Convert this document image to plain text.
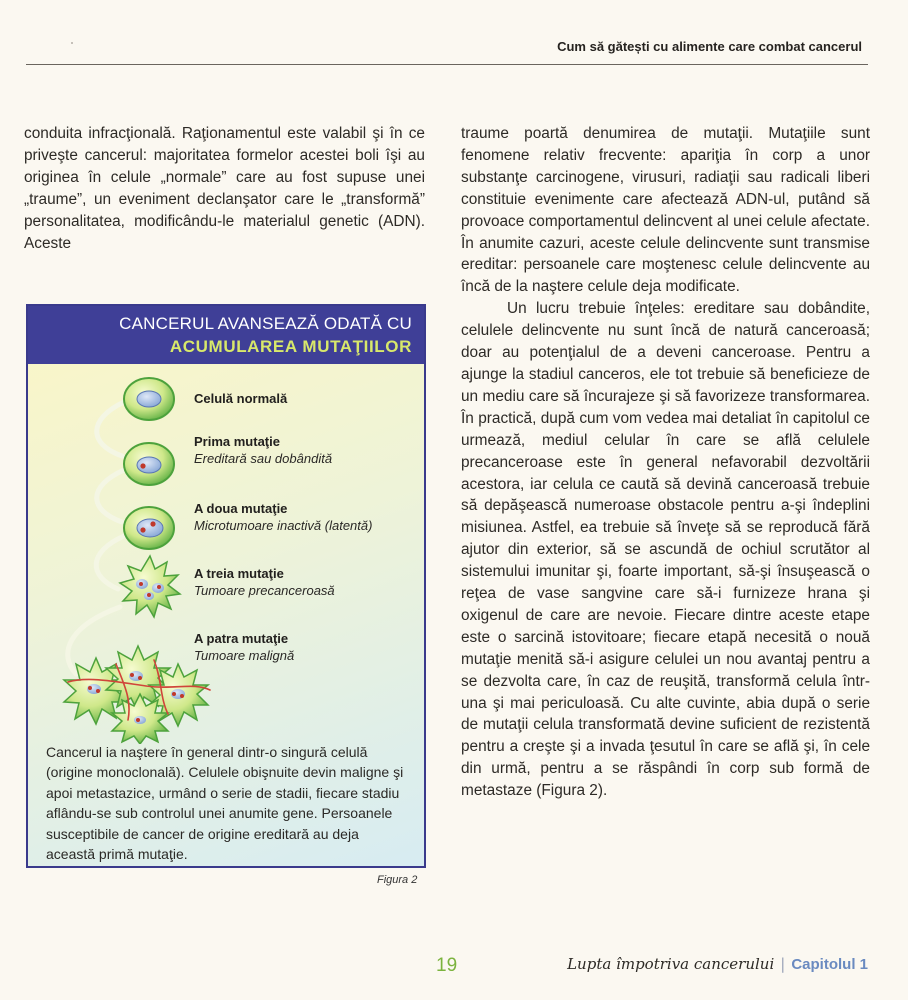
Cum să gătești cu alimente care combat cancerul

conduita infracţională. Raţionamentul este valabil şi în ce priveşte cancerul: majoritatea formelor acestei boli îşi au originea în celule „normale” care au fost supuse unei „traume”, un eveniment declanşator care le „transformă” personalitatea, modificându-le materialul genetic (ADN). Aceste

CANCERUL AVANSEAZĂ ODATĂ CU
ACUMULAREA MUTAŢIILOR
Celulă normală
Prima mutaţie
Ereditară sau dobândită
A doua mutaţie
Microtumoare inactivă (latentă)
A treia mutaţie
Tumoare precanceroasă
A patra mutaţie
Tumoare malignă
Cancerul ia naştere în general dintr-o singură celulă (origine monoclonală). Celulele obişnuite devin maligne şi apoi metastazice, urmând o serie de stadii, fiecare stadiu aflându-se sub controlul unei anumite gene. Persoanele susceptibile de cancer de origine ereditară au deja această primă mutaţie.
Figura 2

traume poartă denumirea de mutaţii. Mutaţiile sunt fenomene relativ frecvente: apariţia în corp a unor substanţe carcinogene, virusuri, radiaţii sau radicali liberi constituie evenimente care afectează ADN-ul, putând să provoace comportamentul delincvent al unei celule afectate. În anumite cazuri, aceste celule delincvente sunt transmise ereditar: persoanele care moştenesc celule delincvente au încă de la naştere celule deja modificate.

Un lucru trebuie înţeles: ereditare sau dobândite, celulele delincvente nu sunt încă de natură canceroasă; doar au potenţialul de a deveni canceroase. Pentru a ajunge la stadiul canceros, ele tot trebuie să beneficieze de un mediu care să încurajeze şi să favorizeze transformarea. În practică, după cum vom vedea mai detaliat în capitolul ce urmează, mediul celular în care se află celulele precanceroase este în general nefavorabil dezvoltării acestora, iar celula ce caută să devină canceroasă trebuie să depăşească numeroase obstacole pentru a-şi îndeplini misiunea. Astfel, ea trebuie să înveţe să se reproducă fără ajutor din exterior, să se ascundă de ochiul scrutător al sistemului imunitar şi, foarte important, să-şi însuşească o reţea de vase sangvine care să-i furnizeze hrana şi oxigenul de care are nevoie. Fiecare dintre aceste etape este o sarcină istovitoare; fiecare etapă necesită o nouă mutaţie menită să-i asigure celulei un nou avantaj pentru a se dezvolta care, în caz de reuşită, transformă celula într-una şi mai periculoasă. Cu alte cuvinte, abia după o serie de mutaţii celula transformată devine suficient de rezistentă pentru a creşte şi a invada ţesutul în care se află şi, în cele din urmă, pentru a se răspândi în corp sub formă de metastaze (Figura 2).

19	Lupta împotriva cancerului | Capitolul 1
